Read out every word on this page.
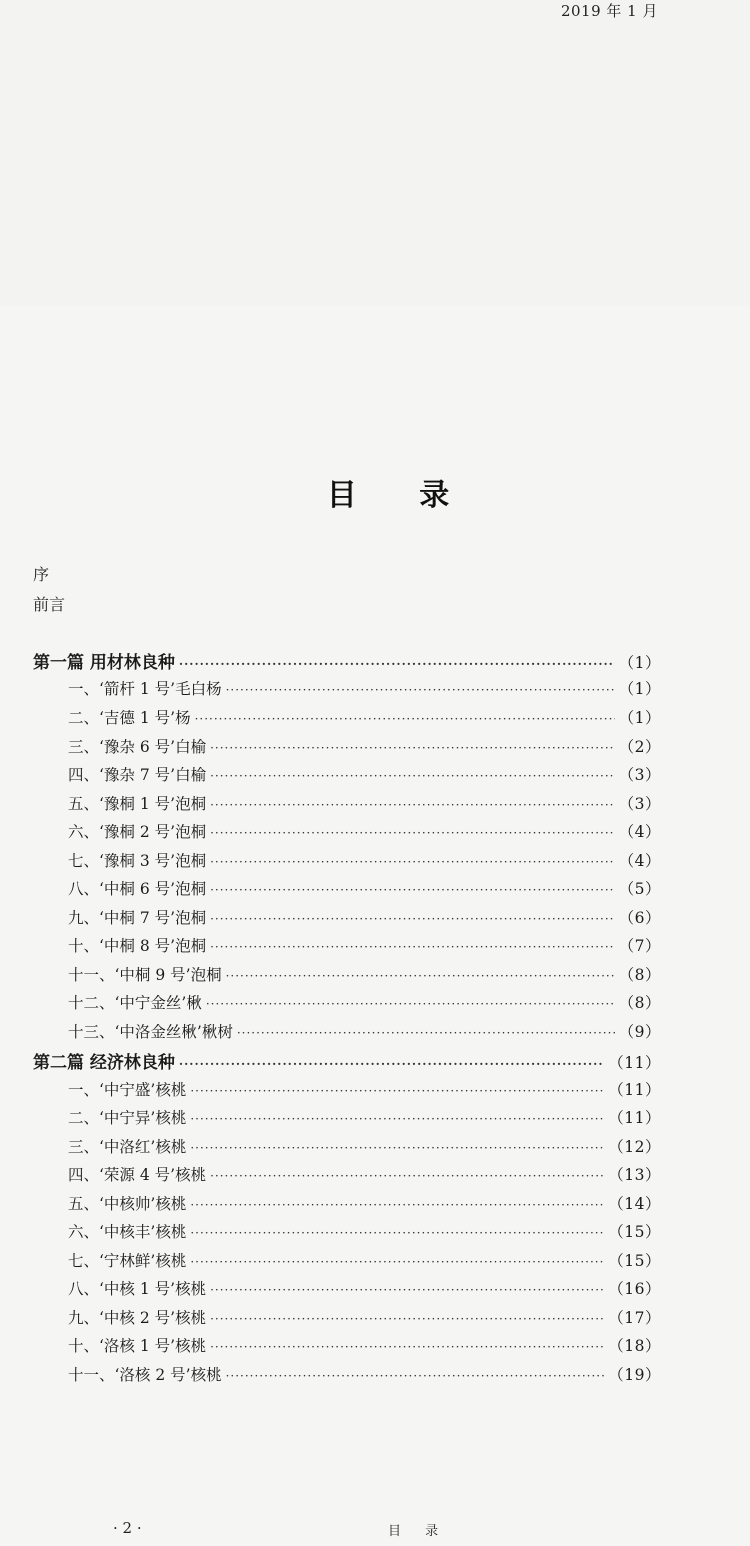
2019 年 1 月
目 录
序
前言
第一篇 用材林良种 ·····	（1）
一、‘箭杆 1 号’毛白杨 ·····	（1）
二、‘吉德 1 号’杨 ·····	（1）
三、‘豫杂 6 号’白榆 ·····	（2）
四、‘豫杂 7 号’白榆 ·····	（3）
五、‘豫桐 1 号’泡桐 ·····	（3）
六、‘豫桐 2 号’泡桐 ·····	（4）
七、‘豫桐 3 号’泡桐 ·····	（4）
八、‘中桐 6 号’泡桐 ·····	（5）
九、‘中桐 7 号’泡桐 ·····	（6）
十、‘中桐 8 号’泡桐 ·····	（7）
十一、‘中桐 9 号’泡桐 ·····	（8）
十二、‘中宁金丝’楸 ·····	（8）
十三、‘中洛金丝楸’楸树 ·····	（9）
第二篇 经济林良种 ·····	（11）
一、‘中宁盛’核桃 ·····	（11）
二、‘中宁异’核桃 ·····	（11）
三、‘中洛红’核桃 ·····	（12）
四、‘荣源 4 号’核桃 ·····	（13）
五、‘中核帅’核桃 ·····	（14）
六、‘中核丰’核桃 ·····	（15）
七、‘宁林鲜’核桃 ·····	（15）
八、‘中核 1 号’核桃 ·····	（16）
九、‘中核 2 号’核桃 ·····	（17）
十、‘洛核 1 号’核桃 ·····	（18）
十一、‘洛核 2 号’核桃 ·····	（19）
· 2 ·	目 录
